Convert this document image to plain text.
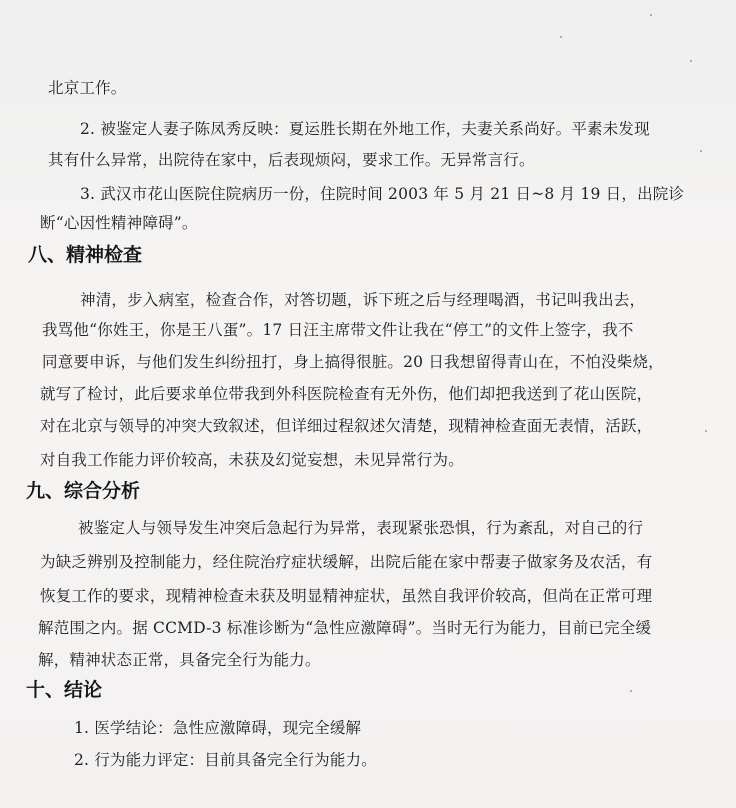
北京工作。
2. 被鉴定人妻子陈凤秀反映：夏运胜长期在外地工作，夫妻关系尚好。平素未发现
其有什么异常，出院待在家中，后表现烦闷，要求工作。无异常言行。
3. 武汉市花山医院住院病历一份，住院时间 2003 年 5 月 21 日~8 月 19 日，出院诊
断“心因性精神障碍”。
八、精神检查
神清，步入病室，检查合作，对答切题，诉下班之后与经理喝酒，书记叫我出去，
我骂他“你姓王，你是王八蛋”。17 日汪主席带文件让我在“停工”的文件上签字，我不
同意要申诉，与他们发生纠纷扭打，身上搞得很脏。20 日我想留得青山在，不怕没柴烧，
就写了检讨，此后要求单位带我到外科医院检查有无外伤，他们却把我送到了花山医院，
对在北京与领导的冲突大致叙述，但详细过程叙述欠清楚，现精神检查面无表情，活跃，
对自我工作能力评价较高，未获及幻觉妄想，未见异常行为。
九、综合分析
被鉴定人与领导发生冲突后急起行为异常，表现紧张恐惧，行为紊乱，对自己的行
为缺乏辨别及控制能力，经住院治疗症状缓解，出院后能在家中帮妻子做家务及农活，有
恢复工作的要求，现精神检查未获及明显精神症状，虽然自我评价较高，但尚在正常可理
解范围之内。据 CCMD-3 标准诊断为“急性应激障碍”。当时无行为能力，目前已完全缓
解，精神状态正常，具备完全行为能力。
十、结论
1. 医学结论：急性应激障碍，现完全缓解
2. 行为能力评定：目前具备完全行为能力。
